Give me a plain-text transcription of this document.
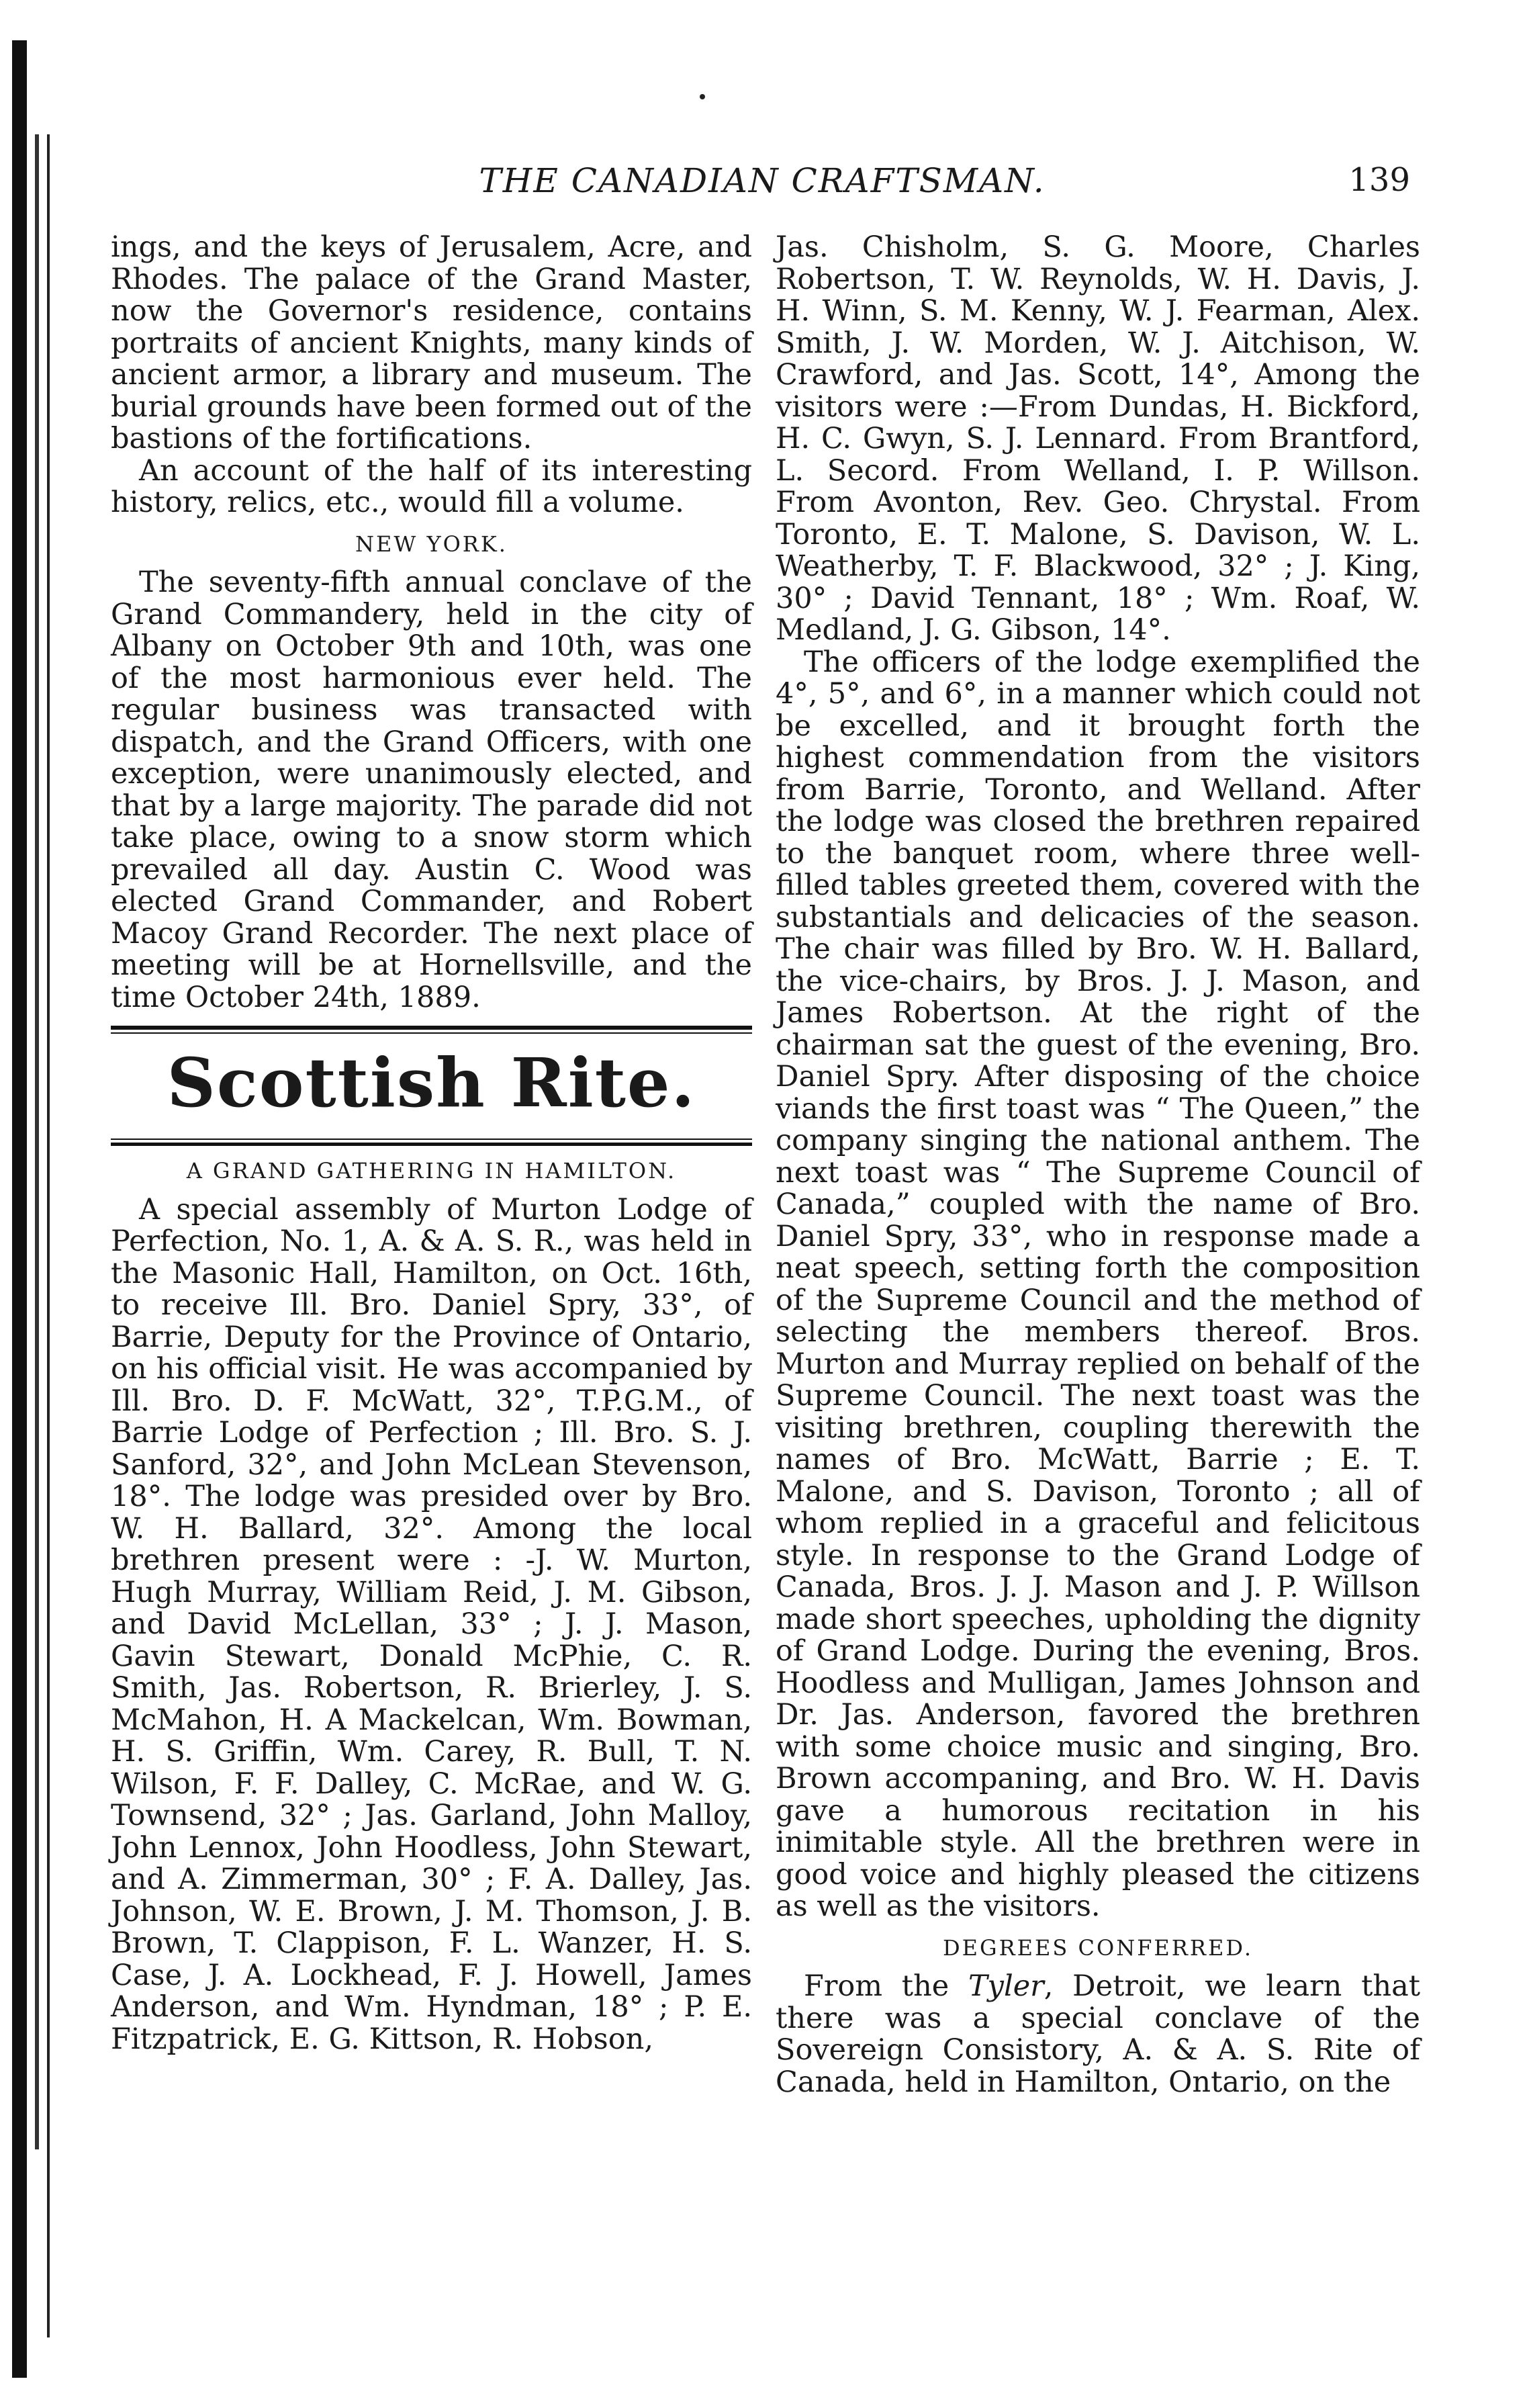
THE CANADIAN CRAFTSMAN.	139

ings, and the keys of Jerusalem, Acre, and Rhodes. The palace of the Grand Master, now the Governor's residence, contains portraits of ancient Knights, many kinds of ancient armor, a library and museum. The burial grounds have been formed out of the bastions of the fortifications.

An account of the half of its interesting history, relics, etc., would fill a volume.

NEW YORK.

The seventy-fifth annual conclave of the Grand Commandery, held in the city of Albany on October 9th and 10th, was one of the most harmonious ever held. The regular business was transacted with dispatch, and the Grand Officers, with one exception, were unanimously elected, and that by a large majority. The parade did not take place, owing to a snow storm which prevailed all day. Austin C. Wood was elected Grand Commander, and Robert Macoy Grand Recorder. The next place of meeting will be at Hornellsville, and the time October 24th, 1889.

Scottish Rite.
A GRAND GATHERING IN HAMILTON.

A special assembly of Murton Lodge of Perfection, No. 1, A. & A. S. R., was held in the Masonic Hall, Hamilton, on Oct. 16th, to receive Ill. Bro. Daniel Spry, 33°, of Barrie, Deputy for the Province of Ontario, on his official visit. He was accompanied by Ill. Bro. D. F. McWatt, 32°, T.P.G.M., of Barrie Lodge of Perfection ; Ill. Bro. S. J. Sanford, 32°, and John McLean Stevenson, 18°. The lodge was presided over by Bro. W. H. Ballard, 32°. Among the local brethren present were : -J. W. Murton, Hugh Murray, William Reid, J. M. Gibson, and David McLellan, 33° ; J. J. Mason, Gavin Stewart, Donald McPhie, C. R. Smith, Jas. Robertson, R. Brierley, J. S. McMahon, H. A Mackelcan, Wm. Bowman, H. S. Griffin, Wm. Carey, R. Bull, T. N. Wilson, F. F. Dalley, C. McRae, and W. G. Townsend, 32° ; Jas. Garland, John Malloy, John Lennox, John Hoodless, John Stewart, and A. Zimmerman, 30° ; F. A. Dalley, Jas. Johnson, W. E. Brown, J. M. Thomson, J. B. Brown, T. Clappison, F. L. Wanzer, H. S. Case, J. A. Lockhead, F. J. Howell, James Anderson, and Wm. Hyndman, 18° ; P. E. Fitzpatrick, E. G. Kittson, R. Hobson,

Jas. Chisholm, S. G. Moore, Charles Robertson, T. W. Reynolds, W. H. Davis, J. H. Winn, S. M. Kenny, W. J. Fearman, Alex. Smith, J. W. Morden, W. J. Aitchison, W. Crawford, and Jas. Scott, 14°, Among the visitors were :—From Dundas, H. Bickford, H. C. Gwyn, S. J. Lennard. From Brantford, L. Secord. From Welland, I. P. Willson. From Avonton, Rev. Geo. Chrystal. From Toronto, E. T. Malone, S. Davison, W. L. Weatherby, T. F. Blackwood, 32° ; J. King, 30° ; David Tennant, 18° ; Wm. Roaf, W. Medland, J. G. Gibson, 14°.

The officers of the lodge exemplified the 4°, 5°, and 6°, in a manner which could not be excelled, and it brought forth the highest commendation from the visitors from Barrie, Toronto, and Welland. After the lodge was closed the brethren repaired to the banquet room, where three well-filled tables greeted them, covered with the substantials and delicacies of the season. The chair was filled by Bro. W. H. Ballard, the vice-chairs, by Bros. J. J. Mason, and James Robertson. At the right of the chairman sat the guest of the evening, Bro. Daniel Spry. After disposing of the choice viands the first toast was “ The Queen,” the company singing the national anthem. The next toast was “ The Supreme Council of Canada,” coupled with the name of Bro. Daniel Spry, 33°, who in response made a neat speech, setting forth the composition of the Supreme Council and the method of selecting the members thereof. Bros. Murton and Murray replied on behalf of the Supreme Council. The next toast was the visiting brethren, coupling therewith the names of Bro. McWatt, Barrie ; E. T. Malone, and S. Davison, Toronto ; all of whom replied in a graceful and felicitous style. In response to the Grand Lodge of Canada, Bros. J. J. Mason and J. P. Willson made short speeches, upholding the dignity of Grand Lodge. During the evening, Bros. Hoodless and Mulligan, James Johnson and Dr. Jas. Anderson, favored the brethren with some choice music and singing, Bro. Brown accompaning, and Bro. W. H. Davis gave a humorous recitation in his inimitable style. All the brethren were in good voice and highly pleased the citizens as well as the visitors.

DEGREES CONFERRED.

From the Tyler, Detroit, we learn that there was a special conclave of the Sovereign Consistory, A. & A. S. Rite of Canada, held in Hamilton, Ontario, on the
